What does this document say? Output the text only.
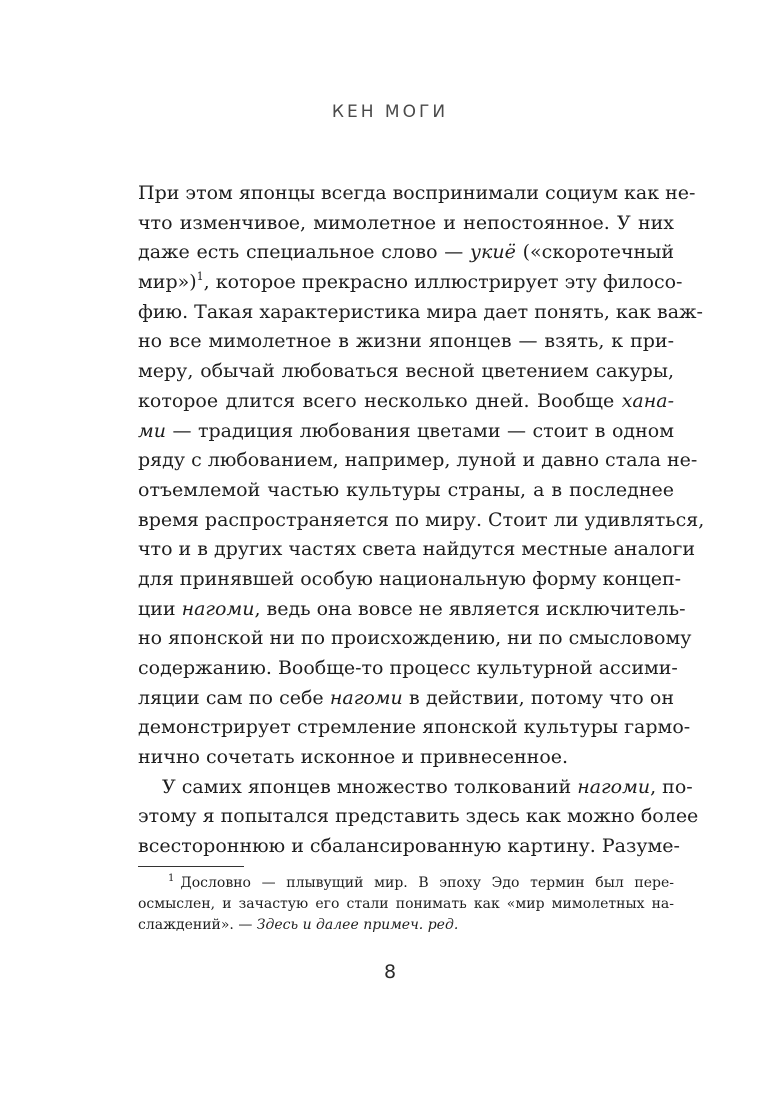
КЕН МОГИ
При этом японцы всегда воспринимали социум как не-
что изменчивое, мимолетное и непостоянное. У них
даже есть специальное слово — укиё («скоротечный
мир»)$^1$, которое прекрасно иллюстрирует эту филосо-
фию. Такая характеристика мира дает понять, как важ-
но все мимолетное в жизни японцев — взять, к при-
меру, обычай любоваться весной цветением сакуры,
которое длится всего несколько дней. Вообще хана-
ми — традиция любования цветами — стоит в одном
ряду с любованием, например, луной и давно стала не-
отъемлемой частью культуры страны, а в последнее
время распространяется по миру. Стоит ли удивляться,
что и в других частях света найдутся местные аналоги
для принявшей особую национальную форму концеп-
ции нагоми, ведь она вовсе не является исключитель-
но японской ни по происхождению, ни по смысловому
содержанию. Вообще-то процесс культурной ассими-
ляции сам по себе нагоми в действии, потому что он
демонстрирует стремление японской культуры гармо-
нично сочетать исконное и привнесенное.
У самих японцев множество толкований нагоми, по-
этому я попытался представить здесь как можно более
всестороннюю и сбалансированную картину. Разуме-
$^1$ Дословно — плывущий мир. В эпоху Эдо термин был пере-
осмыслен, и зачастую его стали понимать как «мир мимолетных на-
слаждений». — Здесь и далее примеч. ред.
8
